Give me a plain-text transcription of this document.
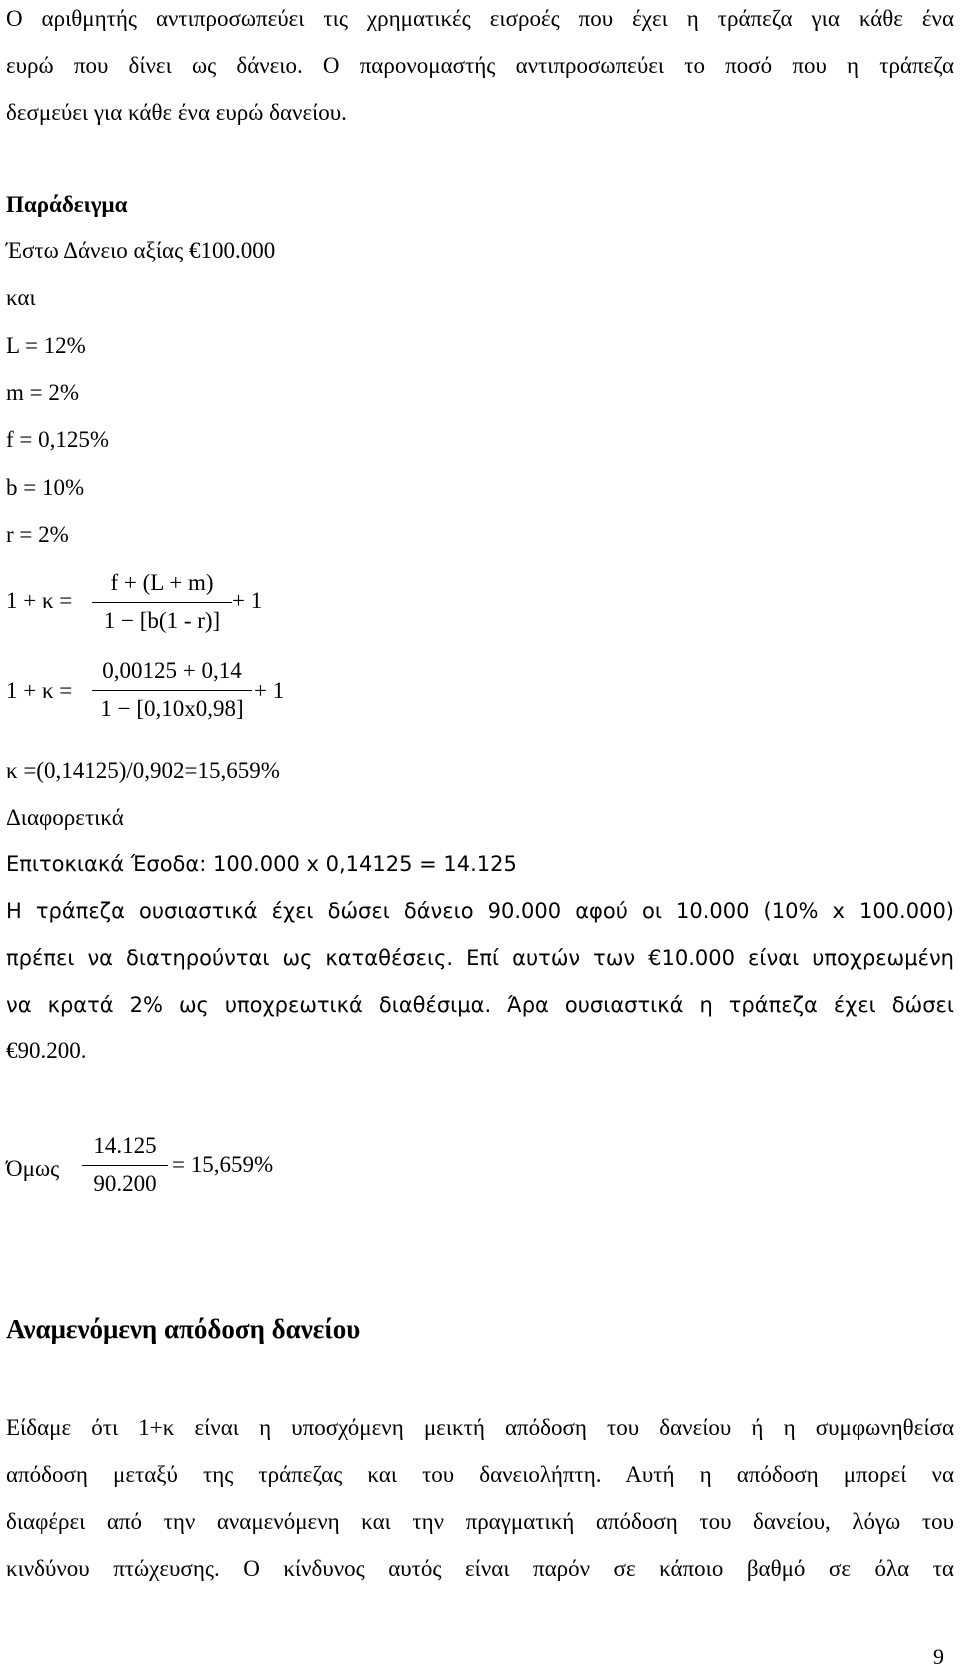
Ο αριθμητής αντιπροσωπεύει τις χρηματικές εισροές που έχει η τράπεζα για κάθε ένα
ευρώ που δίνει ως δάνειο. Ο παρονομαστής αντιπροσωπεύει το ποσό που η τράπεζα
δεσμεύει για κάθε ένα ευρώ δανείου.
Παράδειγμα
Έστω Δάνειο αξίας €100.000
και
L = 12%
m = 2%
f = 0,125%
b = 10%
r = 2%
1 + κ =
f + (L + m)
1 − [b(1 - r)]
+ 1
1 + κ =
0,00125 + 0,14
1 − [0,10x0,98]
+ 1
κ =(0,14125)/0,902=15,659%
Διαφορετικά
Επιτοκιακά Έσοδα: 100.000 x 0,14125 = 14.125
Η τράπεζα ουσιαστικά έχει δώσει δάνειο 90.000 αφού οι 10.000 (10% x 100.000)
πρέπει να διατηρούνται ως καταθέσεις. Επί αυτών των €10.000 είναι υποχρεωμένη
να κρατά 2% ως υποχρεωτικά διαθέσιμα. Άρα ουσιαστικά η τράπεζα έχει δώσει
€90.200.
Όμως
14.125
90.200
= 15,659%
Αναμενόμενη απόδοση δανείου
Είδαμε ότι 1+κ είναι η υποσχόμενη μεικτή απόδοση του δανείου ή η συμφωνηθείσα
απόδοση μεταξύ της τράπεζας και του δανειολήπτη. Αυτή η απόδοση μπορεί να
διαφέρει από την αναμενόμενη και την πραγματική απόδοση του δανείου, λόγω του
κινδύνου πτώχευσης. Ο κίνδυνος αυτός είναι παρόν σε κάποιο βαθμό σε όλα τα
9
